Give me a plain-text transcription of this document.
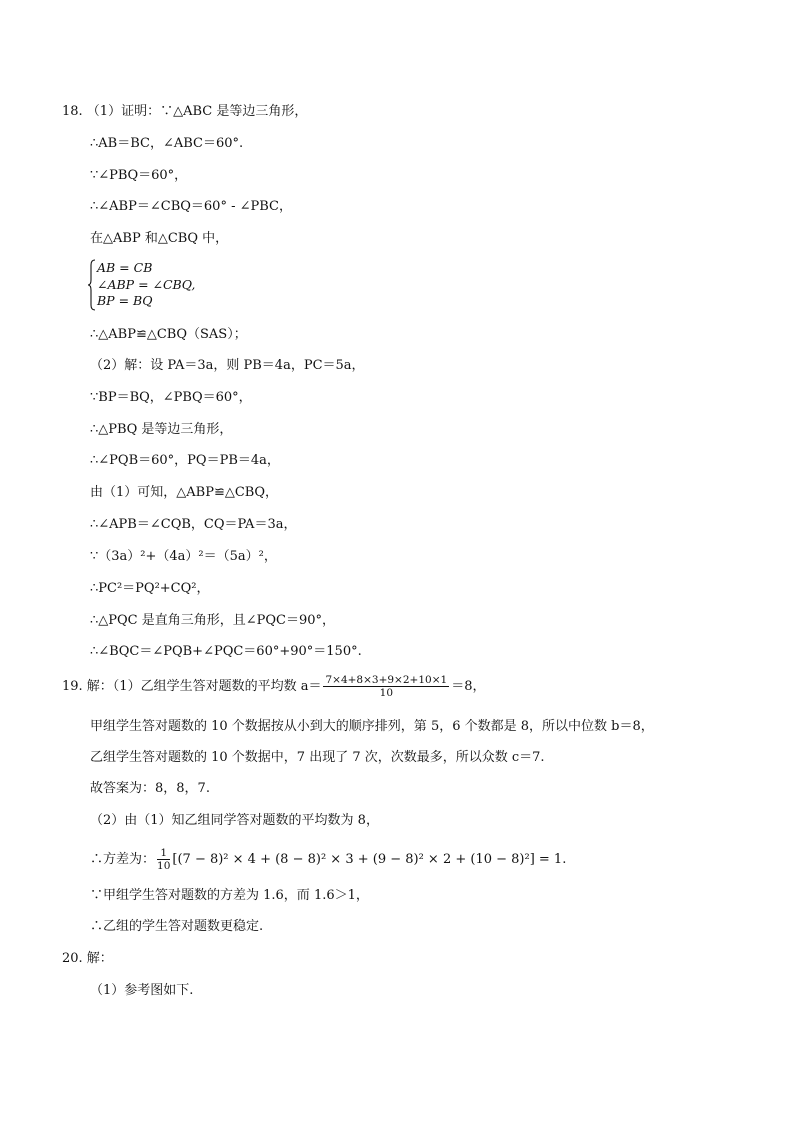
18. （1）证明：∵△ABC 是等边三角形，
∴AB＝BC，∠ABC＝60°.
∵∠PBQ＝60°，
∴∠ABP＝∠CBQ＝60° - ∠PBC，
在△ABP 和△CBQ 中，
AB = CB
∠ABP = ∠CBQ,
BP = BQ
∴△ABP≌△CBQ（SAS）；
（2）解：设 PA＝3a，则 PB＝4a，PC＝5a，
∵BP＝BQ，∠PBQ＝60°，
∴△PBQ 是等边三角形，
∴∠PQB＝60°，PQ＝PB＝4a，
由（1）可知，△ABP≌△CBQ，
∴∠APB＝∠CQB，CQ＝PA＝3a，
∵（3a）²+（4a）²＝（5a）²，
∴PC²＝PQ²+CQ²，
∴△PQC 是直角三角形，且∠PQC＝90°，
∴∠BQC＝∠PQB+∠PQC＝60°+90°＝150°.
19. 解：（1）乙组学生答对题数的平均数 $a= \frac{7\times 4+8\times 3+9\times 2+10\times 1}{10} =8$，
甲组学生答对题数的 10 个数据按从小到大的顺序排列，第 5，6 个数都是 8，所以中位数 b＝8，
乙组学生答对题数的 10 个数据中，7 出现了 7 次，次数最多，所以众数 c＝7.
故答案为：8，8，7.
（2）由（1）知乙组同学答对题数的平均数为 8，
∴方差为： $\frac{1}{10} [(7 - 8)^2 \times 4 + (8 - 8)^2 \times 3 + (9 - 8)^2 \times 2 + (10 - 8)^2] = 1$.
∵甲组学生答对题数的方差为 1.6，而 1.6＞1，
∴乙组的学生答对题数更稳定.
20. 解：
（1）参考图如下.
